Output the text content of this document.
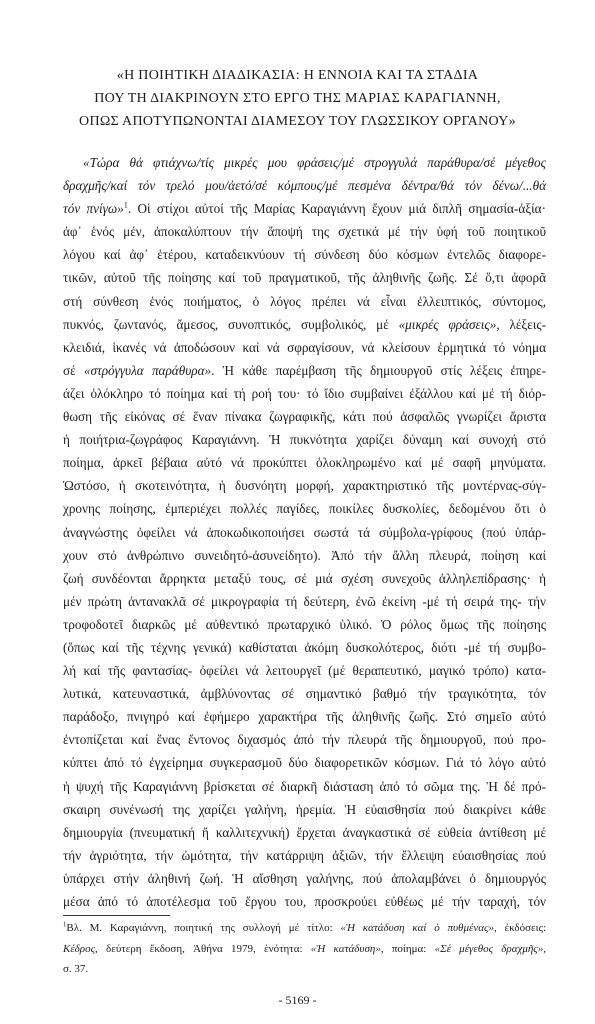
«Η ΠΟΙΗΤΙΚΗ ΔΙΑΔΙΚΑΣΙΑ: Η ΕΝΝΟΙΑ ΚΑΙ ΤΑ ΣΤΑΔΙΑ
ΠΟΥ ΤΗ ΔΙΑΚΡΙΝΟΥΝ ΣΤΟ ΕΡΓΟ ΤΗΣ ΜΑΡΙΑΣ ΚΑΡΑΓΙΑΝΝΗ,
ΟΠΩΣ ΑΠΟΤΥΠΩΝΟΝΤΑΙ ΔΙΑΜΕΣΟΥ ΤΟΥ ΓΛΩΣΣΙΚΟΥ ΟΡΓΑΝΟΥ»
«Τώρα θά φτιάχνω/τίς μικρές μου φράσεις/μέ στρογγυλά παράθυρα/σέ μέγεθος
δραχμῆς/καί τόν τρελό μου/ἀετό/σέ κόμπους/μέ πεσμένα δέντρα/θά τόν δένω/...θά
τόν πνίγω»$^1$. Οἱ στίχοι αὐτοί τῆς Μαρίας Καραγιάννη ἔχουν μιά διπλῆ σημασία-ἀξία·
ἀφ᾽ ἑνός μέν, ἀποκαλύπτουν τήν ἄποψή της σχετικά μέ τήν ὑφή τοῦ ποιητικοῦ
λόγου καί ἀφ᾽ ἑτέρου, καταδεικνύουν τή σύνδεση δύο κόσμων ἐντελῶς διαφορε-
τικῶν, αὐτοῦ τῆς ποίησης καί τοῦ πραγματικοῦ, τῆς ἀληθινῆς ζωῆς. Σέ ὅ,τι ἀφορᾶ
στή σύνθεση ἑνός ποιήματος, ὁ λόγος πρέπει νά εἶναι ἐλλειπτικός, σύντομος,
πυκνός, ζωντανός, ἄμεσος, συνοπτικός, συμβολικός, μέ «μικρές φράσεις», λέξεις-
κλειδιά, ἱκανές νά ἀποδώσουν καί νά σφραγίσουν, νά κλείσουν ἑρμητικά τό νόημα
σέ «στρόγγυλα παράθυρα». Ἡ κάθε παρέμβαση τῆς δημιουργοῦ στίς λέξεις ἐπηρε-
άζει ὁλόκληρο τό ποίημα καί τή ροή του· τό ἴδιο συμβαίνει ἐξάλλου καί μέ τή διόρ-
θωση τῆς εἰκόνας σέ ἕναν πίνακα ζωγραφικῆς, κάτι πού ἀσφαλῶς γνωρίζει ἄριστα
ἡ ποιήτρια-ζωγράφος Καραγιάννη. Ἡ πυκνότητα χαρίζει δύναμη καί συνοχή στό
ποίημα, ἀρκεῖ βέβαια αὐτό νά προκύπτει ὁλοκληρωμένο καί μέ σαφῆ μηνύματα.
Ὡστόσο, ἡ σκοτεινότητα, ἡ δυσνόητη μορφή, χαρακτηριστικό τῆς μοντέρνας-σύγ-
χρονης ποίησης, ἐμπεριέχει πολλές παγίδες, ποικίλες δυσκολίες, δεδομένου ὅτι ὁ
ἀναγνώστης ὀφείλει νά ἀποκωδικοποιήσει σωστά τά σύμβολα-γρίφους (πού ὑπάρ-
χουν στό ἀνθρώπινο συνειδητό-ἀσυνείδητο). Ἀπό τήν ἄλλη πλευρά, ποίηση καί
ζωή συνδέονται ἄρρηκτα μεταξύ τους, σέ μιά σχέση συνεχοῦς ἀλληλεπίδρασης· ἡ
μέν πρώτη ἀντανακλᾶ σέ μικρογραφία τή δεύτερη, ἐνῶ ἐκείνη -μέ τή σειρά της- τήν
τροφοδοτεῖ διαρκῶς μέ αὐθεντικό πρωταρχικό ὑλικό. Ὁ ρόλος ὅμως τῆς ποίησης
(ὅπως καί τῆς τέχνης γενικά) καθίσταται ἀκόμη δυσκολότερος, διότι -μέ τή συμβο-
λή καί τῆς φαντασίας- ὀφείλει νά λειτουργεῖ (μέ θεραπευτικό, μαγικό τρόπο) κατα-
λυτικά, κατευναστικά, ἀμβλύνοντας σέ σημαντικό βαθμό τήν τραγικότητα, τόν
παράδοξο, πνιγηρό καί ἐφήμερο χαρακτήρα τῆς ἀληθινῆς ζωῆς. Στό σημεῖο αὐτό
ἐντοπίζεται καί ἕνας ἔντονος διχασμός ἀπό τήν πλευρά τῆς δημιουργοῦ, πού προ-
κύπτει ἀπό τό ἐγχείρημα συγκερασμοῦ δύο διαφορετικῶν κόσμων. Γιά τό λόγο αὐτό
ἡ ψυχή τῆς Καραγιάννη βρίσκεται σέ διαρκῆ διάσταση ἀπό τό σῶμα της. Ἡ δέ πρό-
σκαιρη συνένωσή της χαρίζει γαλήνη, ἠρεμία. Ἡ εὐαισθησία πού διακρίνει κάθε
δημιουργία (πνευματική ἤ καλλιτεχνική) ἔρχεται ἀναγκαστικά σέ εὐθεία ἀντίθεση μέ
τήν ἀγριότητα, τήν ὠμότητα, τήν κατάρριψη ἀξιῶν, τήν ἔλλειψη εὐαισθησίας πού
ὑπάρχει στήν ἀληθινή ζωή. Ἡ αἴσθηση γαλήνης, πού ἀπολαμβάνει ὁ δημιουργός
μέσα ἀπό τό ἀποτέλεσμα τοῦ ἔργου του, προσκρούει εὐθέως μέ τήν ταραχή, τόν
$^1$Βλ. Μ. Καραγιάννη, ποιητική της συλλογή μέ τίτλο: «Ἡ κατάδυση καί ὁ πυθμένας», ἐκδόσεις:
Κέδρος, δεύτερη ἔκδοση, Ἀθήνα 1979, ἑνότητα: «Ἡ κατάδυση», ποίημα: «Σέ μέγεθος δραχμῆς»,
σ. 37.
- 5169 -
